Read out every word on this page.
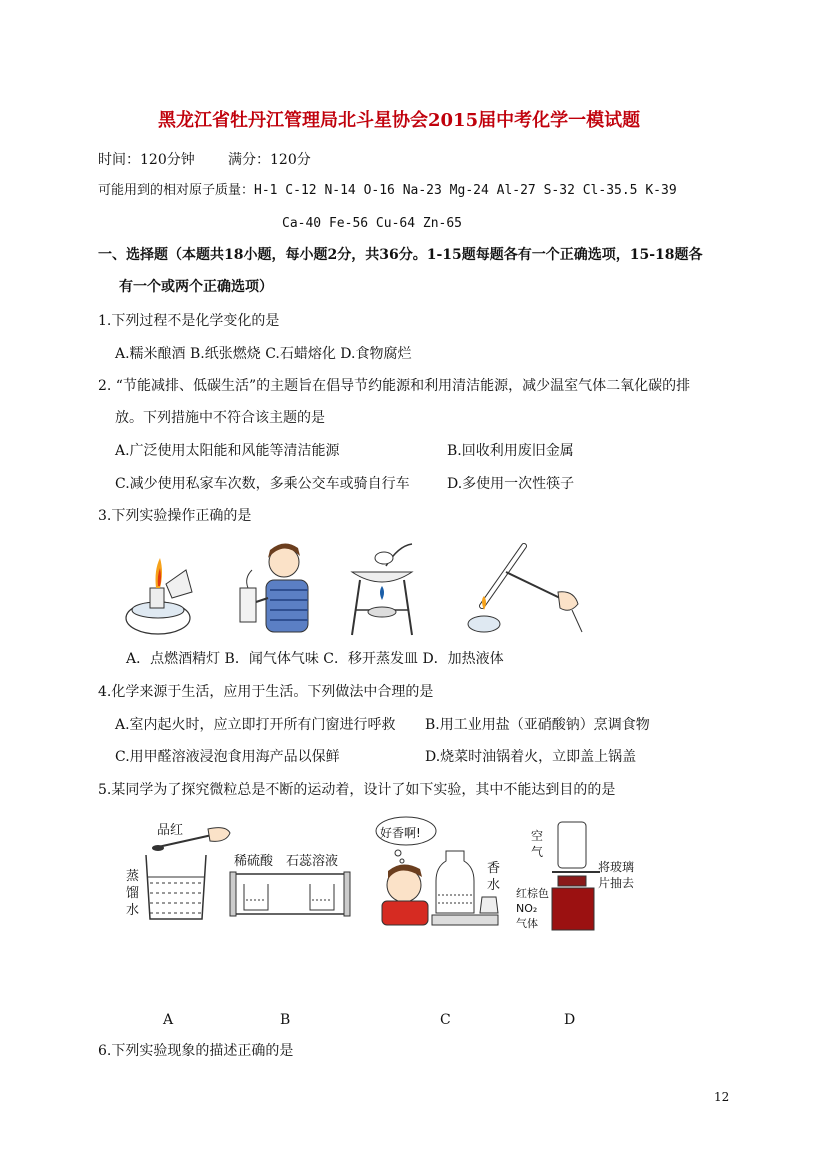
黑龙江省牡丹江管理局北斗星协会2015届中考化学一模试题
时间：120分钟 满分：120分
可能用到的相对原子质量：H-1 C-12 N-14 O-16 Na-23 Mg-24 Al-27 S-32 Cl-35.5 K-39
Ca-40 Fe-56 Cu-64 Zn-65
一、选择题（本题共18小题，每小题2分，共36分。1-15题每题各有一个正确选项，15-18题各
有一个或两个正确选项）
1.下列过程不是化学变化的是
A.糯米酿酒 B.纸张燃烧 C.石蜡熔化 D.食物腐烂
2. “节能减排、低碳生活”的主题旨在倡导节约能源和利用清洁能源，减少温室气体二氧化碳的排
放。下列措施中不符合该主题的是
A.广泛使用太阳能和风能等清洁能源	B.回收利用废旧金属
C.减少使用私家车次数，多乘公交车或骑自行车	D.多使用一次性筷子
3.下列实验操作正确的是
A．点燃酒精灯 B．闻气体气味 C．移开蒸发皿 D．加热液体
4.化学来源于生活，应用于生活。下列做法中合理的是
A.室内起火时，应立即打开所有门窗进行呼救 B.用工业用盐（亚硝酸钠）烹调食物
C.用甲醛溶液浸泡食用海产品以保鲜	D.烧菜时油锅着火，立即盖上锅盖
5.某同学为了探究微粒总是不断的运动着，设计了如下实验，其中不能达到目的的是
品红
蒸
馏
水
稀硫酸 石蕊溶液
好香啊!
香
水
空
气
将玻璃
片抽去
红棕色
NO₂
气体
A	B	C	D
6.下列实验现象的描述正确的是
12
